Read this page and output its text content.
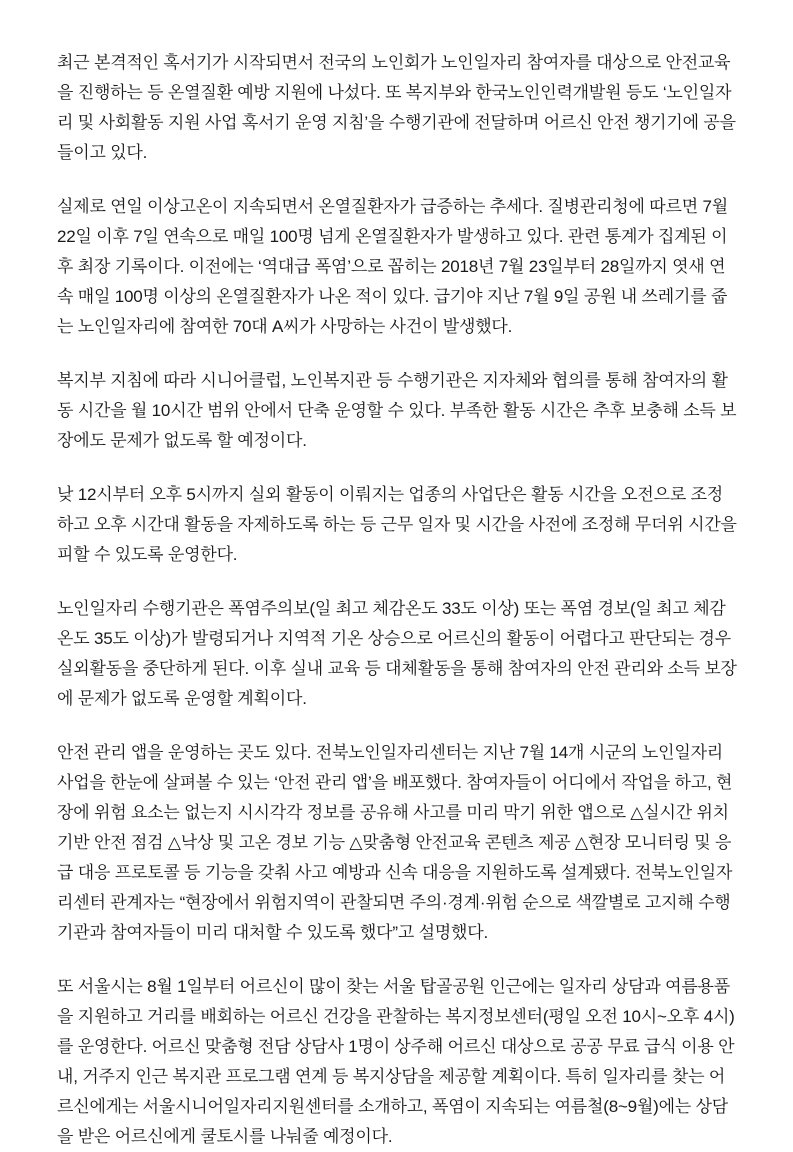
최근 본격적인 혹서기가 시작되면서 전국의 노인회가 노인일자리 참여자를 대상으로 안전교육을 진행하는 등 온열질환 예방 지원에 나섰다. 또 복지부와 한국노인인력개발원 등도 ‘노인일자리 및 사회활동 지원 사업 혹서기 운영 지침’을 수행기관에 전달하며 어르신 안전 챙기기에 공을 들이고 있다.

실제로 연일 이상고온이 지속되면서 온열질환자가 급증하는 추세다. 질병관리청에 따르면 7월 22일 이후 7일 연속으로 매일 100명 넘게 온열질환자가 발생하고 있다. 관련 통계가 집계된 이후 최장 기록이다. 이전에는 ‘역대급 폭염’으로 꼽히는 2018년 7월 23일부터 28일까지 엿새 연속 매일 100명 이상의 온열질환자가 나온 적이 있다. 급기야 지난 7월 9일 공원 내 쓰레기를 줍는 노인일자리에 참여한 70대 A씨가 사망하는 사건이 발생했다.

복지부 지침에 따라 시니어클럽, 노인복지관 등 수행기관은 지자체와 협의를 통해 참여자의 활동 시간을 월 10시간 범위 안에서 단축 운영할 수 있다. 부족한 활동 시간은 추후 보충해 소득 보장에도 문제가 없도록 할 예정이다.

낮 12시부터 오후 5시까지 실외 활동이 이뤄지는 업종의 사업단은 활동 시간을 오전으로 조정하고 오후 시간대 활동을 자제하도록 하는 등 근무 일자 및 시간을 사전에 조정해 무더위 시간을 피할 수 있도록 운영한다.

노인일자리 수행기관은 폭염주의보(일 최고 체감온도 33도 이상) 또는 폭염 경보(일 최고 체감온도 35도 이상)가 발령되거나 지역적 기온 상승으로 어르신의 활동이 어렵다고 판단되는 경우 실외활동을 중단하게 된다. 이후 실내 교육 등 대체활동을 통해 참여자의 안전 관리와 소득 보장에 문제가 없도록 운영할 계획이다.

안전 관리 앱을 운영하는 곳도 있다. 전북노인일자리센터는 지난 7월 14개 시군의 노인일자리 사업을 한눈에 살펴볼 수 있는 ‘안전 관리 앱’을 배포했다. 참여자들이 어디에서 작업을 하고, 현장에 위험 요소는 없는지 시시각각 정보를 공유해 사고를 미리 막기 위한 앱으로 △실시간 위치 기반 안전 점검 △낙상 및 고온 경보 기능 △맞춤형 안전교육 콘텐츠 제공 △현장 모니터링 및 응급 대응 프로토콜 등 기능을 갖춰 사고 예방과 신속 대응을 지원하도록 설계됐다. 전북노인일자리센터 관계자는 “현장에서 위험지역이 관찰되면 주의·경계·위험 순으로 색깔별로 고지해 수행기관과 참여자들이 미리 대처할 수 있도록 했다”고 설명했다.

또 서울시는 8월 1일부터 어르신이 많이 찾는 서울 탑골공원 인근에는 일자리 상담과 여름용품을 지원하고 거리를 배회하는 어르신 건강을 관찰하는 복지정보센터(평일 오전 10시~오후 4시)를 운영한다. 어르신 맞춤형 전담 상담사 1명이 상주해 어르신 대상으로 공공 무료 급식 이용 안내, 거주지 인근 복지관 프로그램 연계 등 복지상담을 제공할 계획이다. 특히 일자리를 찾는 어르신에게는 서울시니어일자리지원센터를 소개하고, 폭염이 지속되는 여름철(8~9월)에는 상담을 받은 어르신에게 쿨토시를 나눠줄 예정이다.
